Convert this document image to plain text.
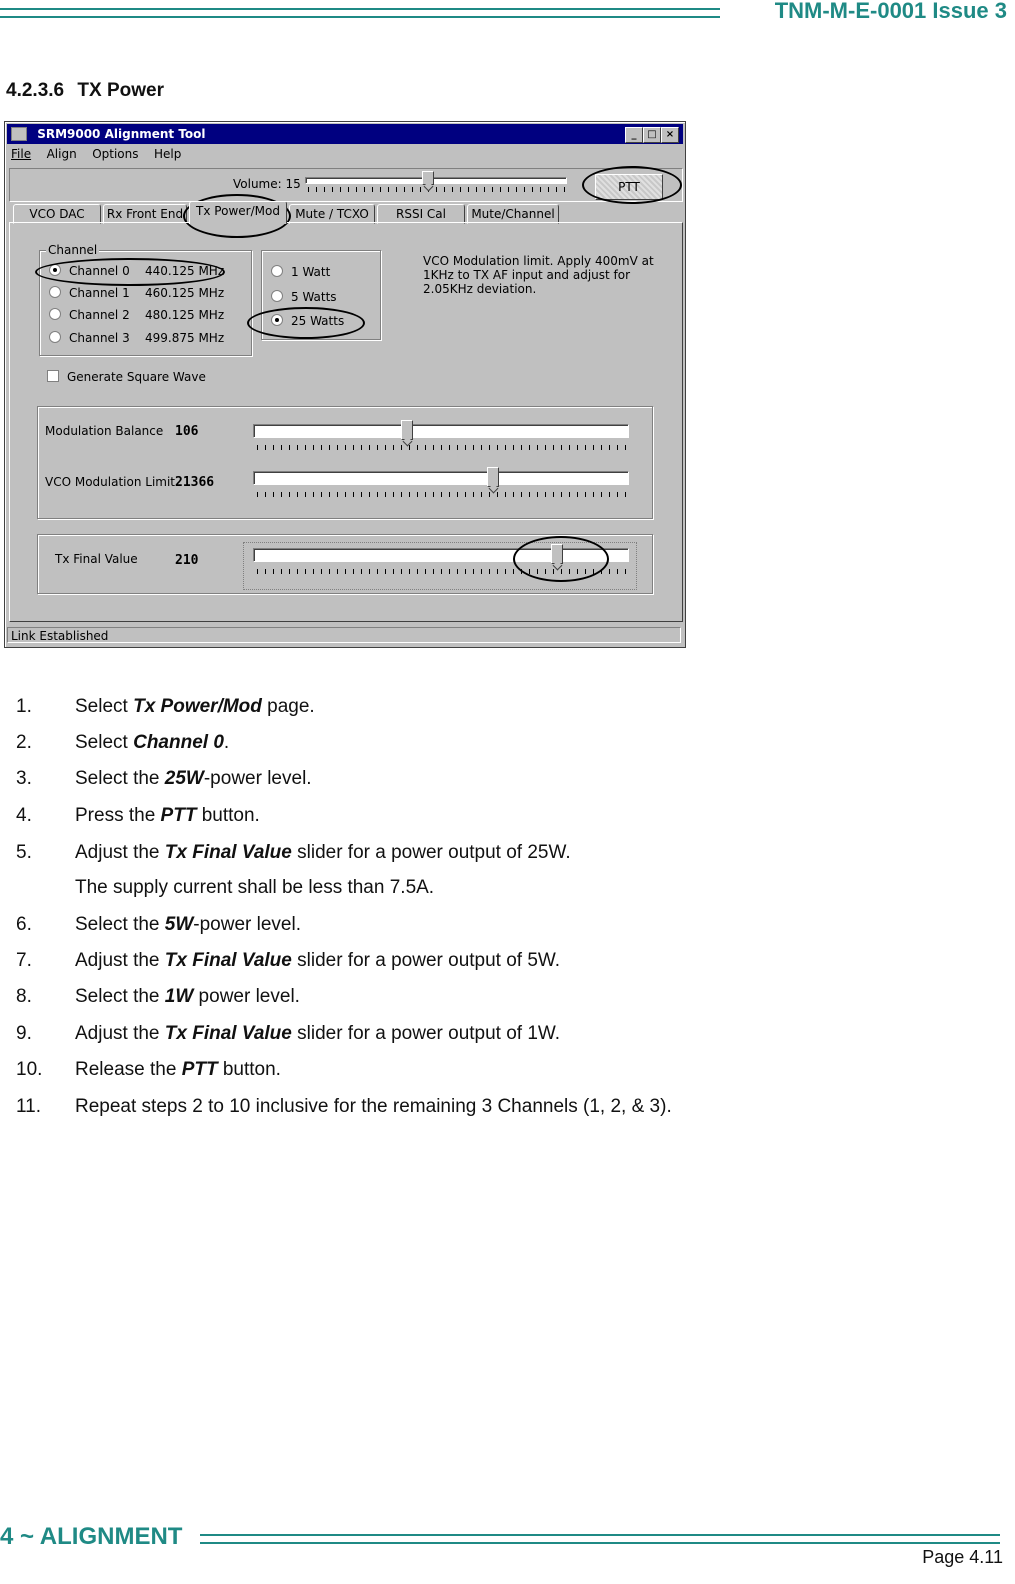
TNM-M-E-0001 Issue 3
4.2.3.6 TX Power
SRM9000 Alignment Tool	_	□ ×
File Align Options Help
Volume: 15	PTT
VCO DAC	Rx Front End	Tx Power/Mod	Mute / TCXO	RSSI Cal	Mute/Channel
Channel
Channel 0 440.125 MHz
Channel 1 460.125 MHz
Channel 2 480.125 MHz
Channel 3 499.875 MHz
1 Watt
5 Watts
25 Watts
VCO Modulation limit. Apply 400mV at
1KHz to TX AF input and adjust for
2.05KHz deviation.
Generate Square Wave
Modulation Balance 106
VCO Modulation Limit 21366
Tx Final Value	210
Link Established
1. Select Tx Power/Mod page.
2. Select Channel 0.
3. Select the 25W-power level.
4. Press the PTT button.
5. Adjust the Tx Final Value slider for a power output of 25W.
The supply current shall be less than 7.5A.
6. Select the 5W-power level.
7. Adjust the Tx Final Value slider for a power output of 5W.
8. Select the 1W power level.
9. Adjust the Tx Final Value slider for a power output of 1W.
10. Release the PTT button.
11. Repeat steps 2 to 10 inclusive for the remaining 3 Channels (1, 2, & 3).
4 ~ ALIGNMENT
Page 4.11
